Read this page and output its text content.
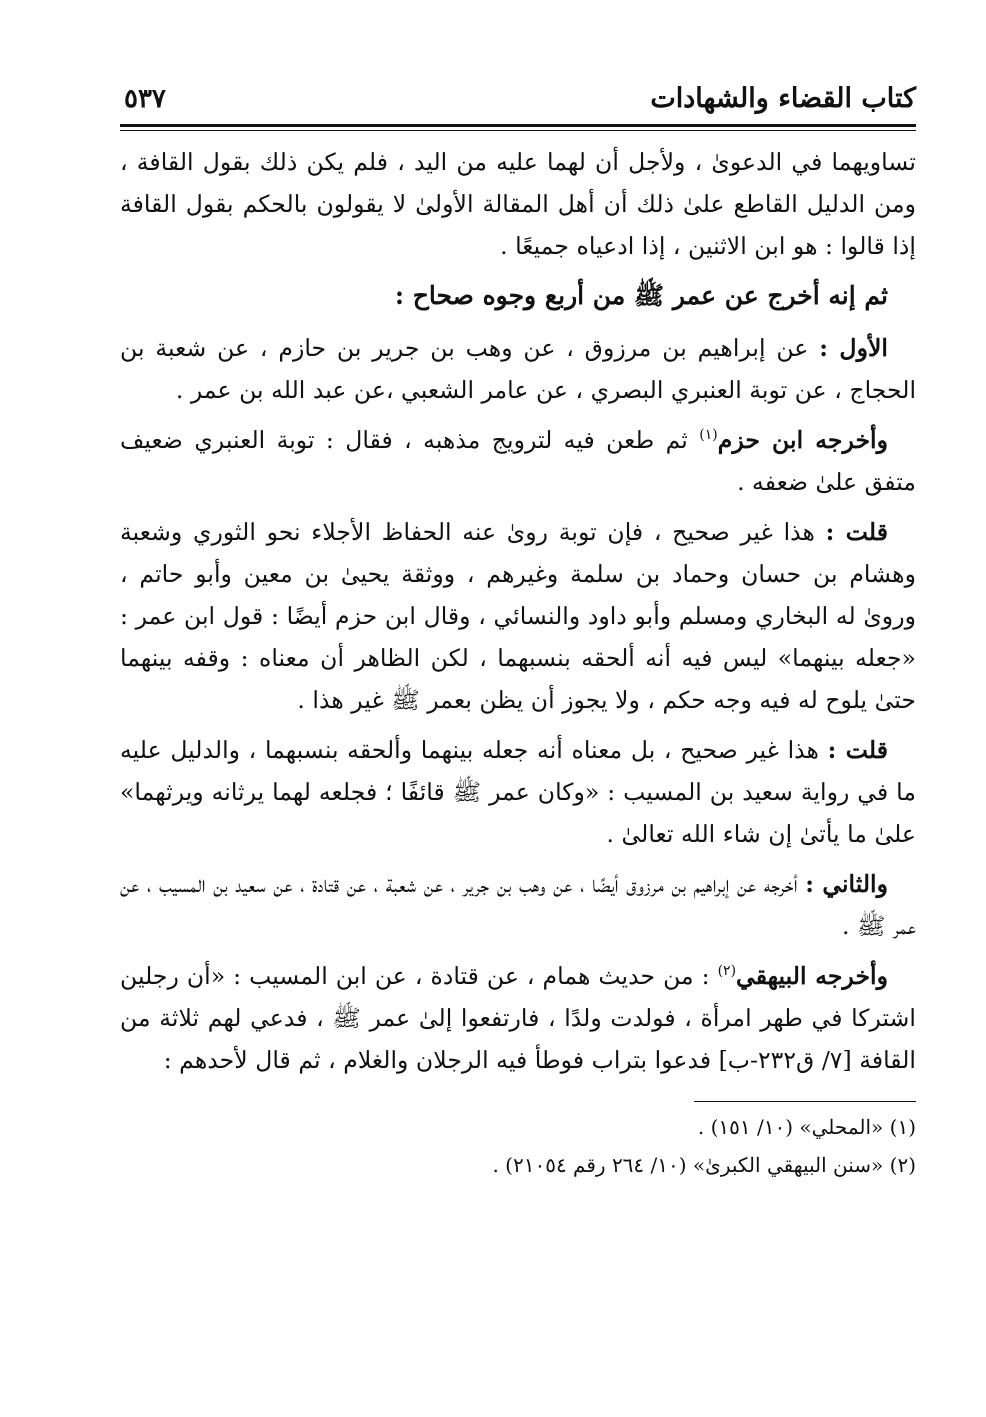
كتاب القضاء والشهادات
٥٣٧

تساويهما في الدعوىٰ ، ولأجل أن لهما عليه من اليد ، فلم يكن ذلك بقول القافة ، ومن الدليل القاطع علىٰ ذلك أن أهل المقالة الأولىٰ لا يقولون بالحكم بقول القافة إذا قالوا : هو ابن الاثنين ، إذا ادعياه جميعًا .

ثم إنه أخرج عن عمر ﷺ من أربع وجوه صحاح :

الأول : عن إبراهيم بن مرزوق ، عن وهب بن جرير بن حازم ، عن شعبة بن الحجاج ، عن توبة العنبري البصري ، عن عامر الشعبي ،عن عبد الله بن عمر .

وأخرجه ابن حزم$^{(١)}$ ثم طعن فيه لترويج مذهبه ، فقال : توبة العنبري ضعيف متفق علىٰ ضعفه .

قلت : هذا غير صحيح ، فإن توبة روىٰ عنه الحفاظ الأجلاء نحو الثوري وشعبة وهشام بن حسان وحماد بن سلمة وغيرهم ، ووثقة يحيىٰ بن معين وأبو حاتم ، وروىٰ له البخاري ومسلم وأبو داود والنسائي ، وقال ابن حزم أيضًا : قول ابن عمر : «جعله بينهما» ليس فيه أنه ألحقه بنسبهما ، لكن الظاهر أن معناه : وقفه بينهما حتىٰ يلوح له فيه وجه حكم ، ولا يجوز أن يظن بعمر ﷺ غير هذا .

قلت : هذا غير صحيح ، بل معناه أنه جعله بينهما وألحقه بنسبهما ، والدليل عليه ما في رواية سعيد بن المسيب : «وكان عمر ﷺ قائفًا ؛ فجلعه لهما يرثانه ويرثهما» علىٰ ما يأتىٰ إن شاء الله تعالىٰ .

والثاني : أخرجه عن إبراهيم بن مرزوق أيضًا ، عن وهب بن جرير ، عن شعبة ، عن قتادة ، عن سعيد بن المسيب ، عن عمر ﷺ .

وأخرجه البيهقي$^{(٢)}$ : من حديث همام ، عن قتادة ، عن ابن المسيب : «أن رجلين اشتركا في طهر امرأة ، فولدت ولدًا ، فارتفعوا إلىٰ عمر ﷺ ، فدعي لهم ثلاثة من القافة [٧/ ق٢٣٢-ب] فدعوا بتراب فوطأ فيه الرجلان والغلام ، ثم قال لأحدهم :

(١) «المحلي» (١٠/ ١٥١) .
(٢) «سنن البيهقي الكبرىٰ» (١٠/ ٢٦٤ رقم ٢١٠٥٤) .
